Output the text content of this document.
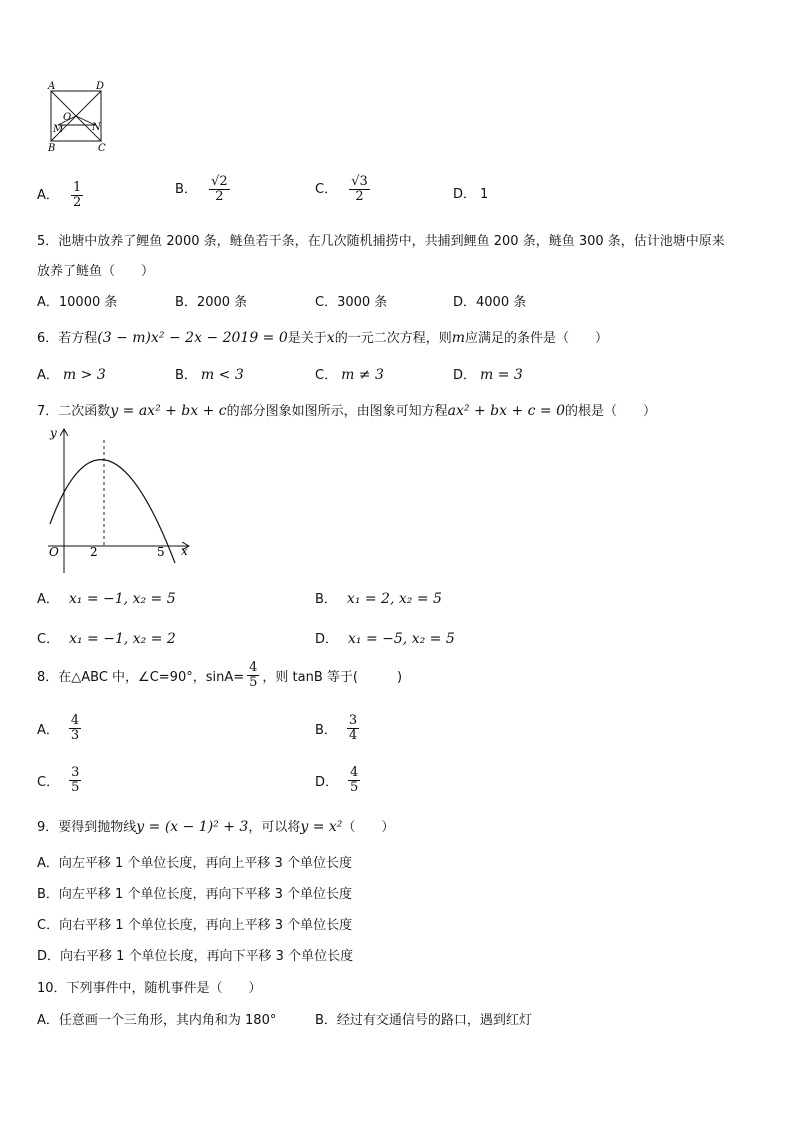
A	D
O
M	N
B	C
A． $\frac{1}{2}$	B． $\frac{√2}{2}$	C． $\frac{√3}{2}$	D． 1
5．池塘中放养了鲤鱼 2000 条，鲢鱼若干条，在几次随机捕捞中，共捕到鲤鱼 200 条，鲢鱼 300 条，估计池塘中原来
放养了鲢鱼（　　）
A．10000 条	B．2000 条	C．3000 条	D．4000 条
6．若方程(3 − m)x² − 2x − 2019 = 0是关于x的一元二次方程，则m应满足的条件是（　　）
A． m > 3	B． m < 3	C． m ≠ 3	D． m = 3
7．二次函数y = ax² + bx + c的部分图象如图所示，由图象可知方程ax² + bx + c = 0的根是（　　）
y
x
O	2	5
A． x₁ = −1, x₂ = 5	B． x₁ = 2, x₂ = 5
C． x₁ = −1, x₂ = 2	D． x₁ = −5, x₂ = 5
8．在△ABC 中，∠C=90°，$\sin A= \frac{4}{5}$ ，则 tanB 等于(　　　)
A． $\frac{4}{3}$	B． $\frac{3}{4}$
C． $\frac{3}{5}$	D． $\frac{4}{5}$
9．要得到抛物线y = (x − 1)² + 3，可以将y = x²（　　）
A．向左平移 1 个单位长度，再向上平移 3 个单位长度
B．向左平移 1 个单位长度，再向下平移 3 个单位长度
C．向右平移 1 个单位长度，再向上平移 3 个单位长度
D．向右平移 1 个单位长度，再向下平移 3 个单位长度
10．下列事件中，随机事件是（　　）
A．任意画一个三角形，其内角和为 180°	B．经过有交通信号的路口，遇到红灯
